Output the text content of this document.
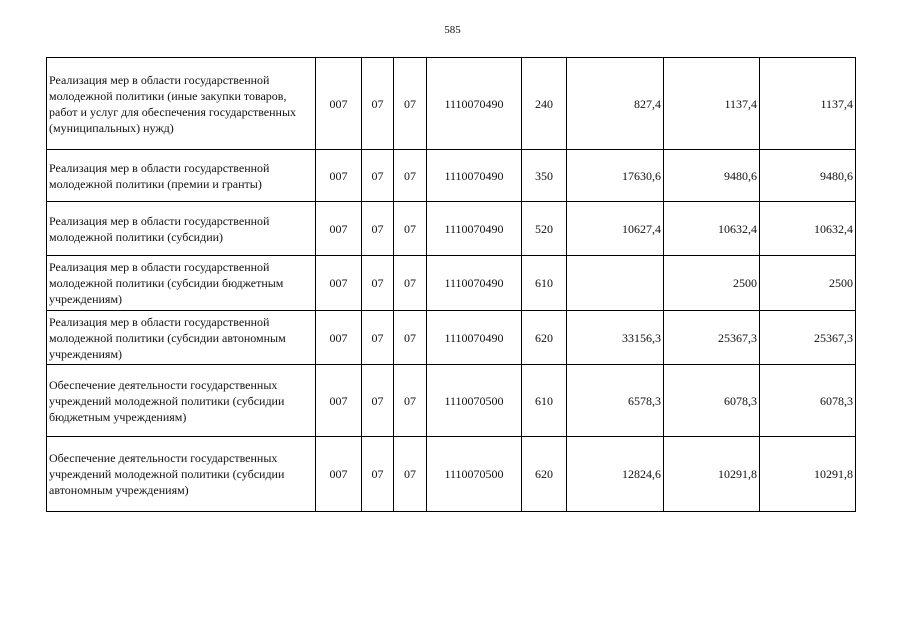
585
Реализация мер в области государственной молодежной политики (иные закупки товаров, работ и услуг для обеспечения государственных (муниципальных) нужд)	007	07	07	1110070490	240	827,4	1137,4	1137,4
Реализация мер в области государственной молодежной политики (премии и гранты)	007	07	07	1110070490	350	17630,6	9480,6	9480,6
Реализация мер в области государственной молодежной политики (субсидии)	007	07	07	1110070490	520	10627,4	10632,4	10632,4
Реализация мер в области государственной молодежной политики (субсидии бюджетным учреждениям)	007	07	07	1110070490	610		2500	2500
Реализация мер в области государственной молодежной политики (субсидии автономным учреждениям)	007	07	07	1110070490	620	33156,3	25367,3	25367,3
Обеспечение деятельности государственных учреждений молодежной политики (субсидии бюджетным учреждениям)	007	07	07	1110070500	610	6578,3	6078,3	6078,3
Обеспечение деятельности государственных учреждений молодежной политики (субсидии автономным учреждениям)	007	07	07	1110070500	620	12824,6	10291,8	10291,8
